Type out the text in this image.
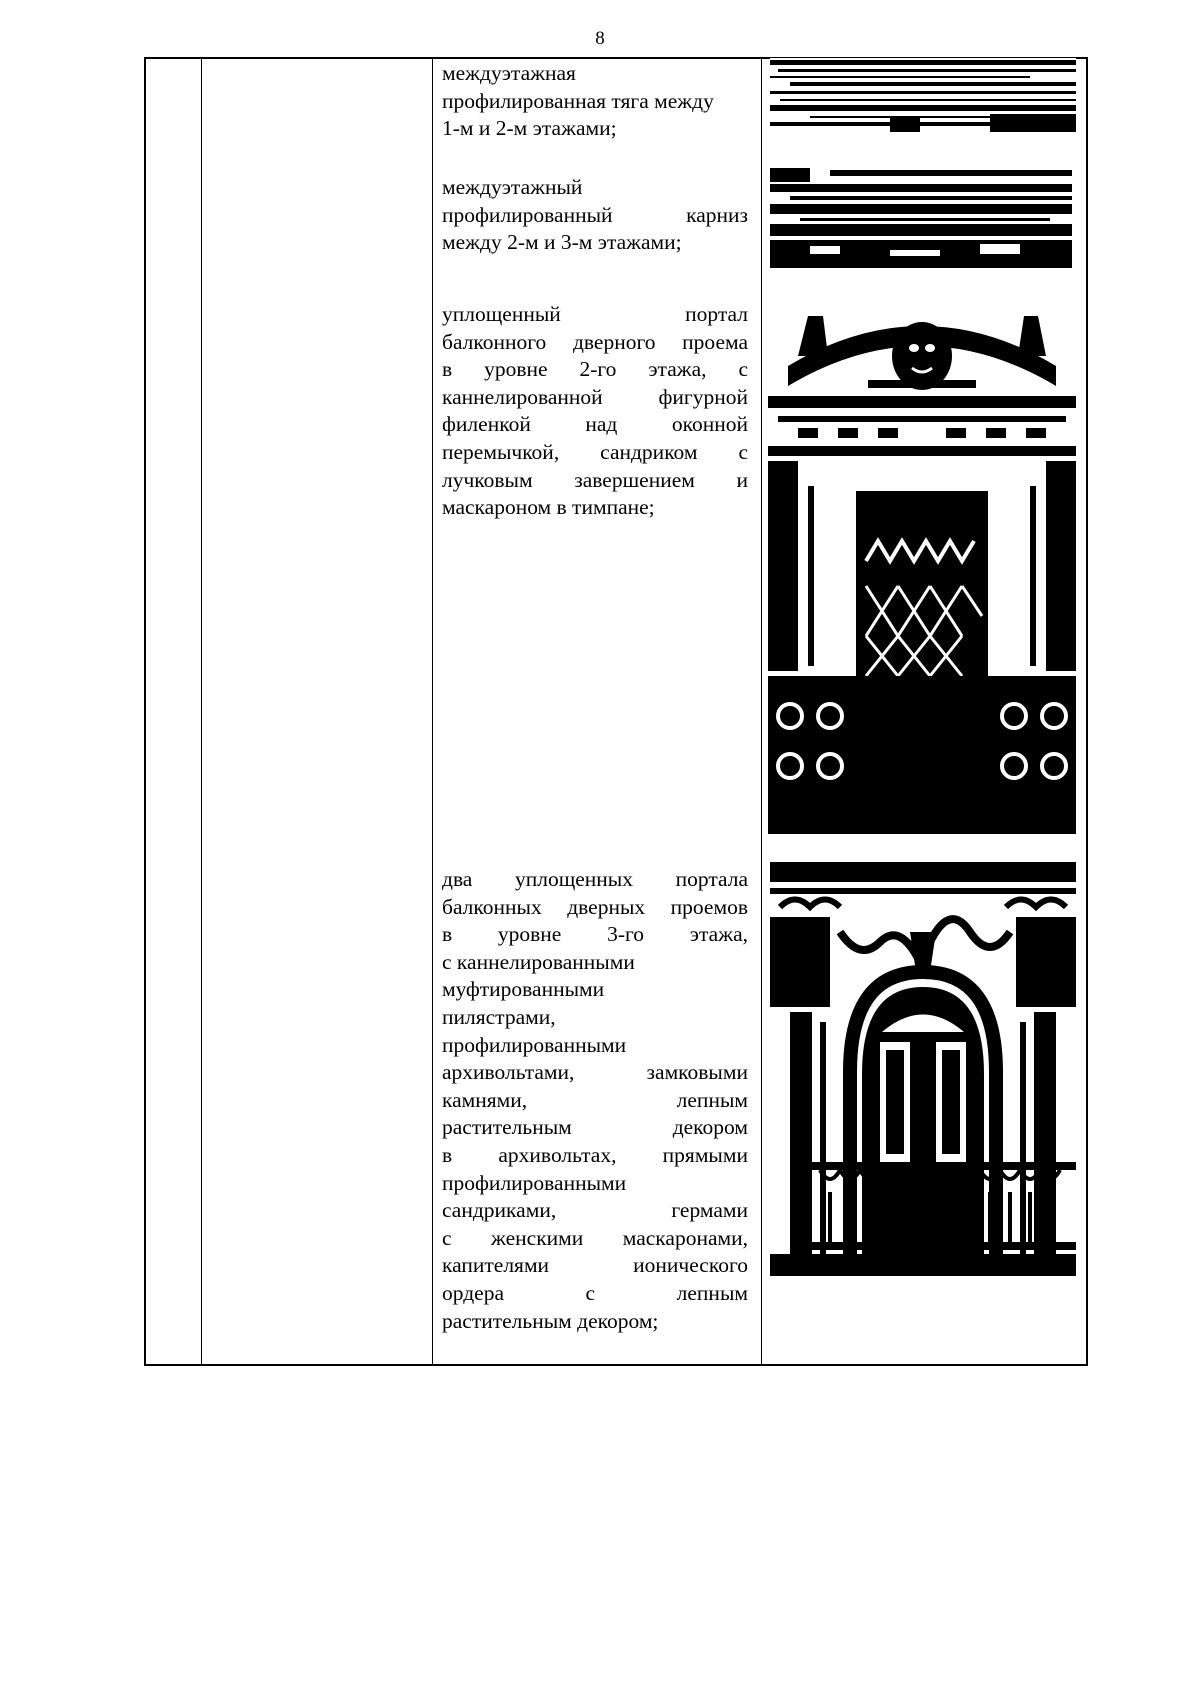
8
междуэтажная
профилированная тяга между
1-м и 2-м этажами;
междуэтажный
профилированный карниз
между 2-м и 3-м этажами;
уплощенный портал
балконного дверного проема
в уровне 2-го этажа, с
каннелированной фигурной
филенкой над оконной
перемычкой, сандриком с
лучковым завершением и
маскароном в тимпане;
два уплощенных портала
балконных дверных проемов
в уровне 3-го этажа,
с каннелированными
муфтированными
пилястрами,
профилированными
архивольтами, замковыми
камнями, лепным
растительным декором
в архивольтах, прямыми
профилированными
сандриками, гермами
с женскими маскаронами,
капителями ионического
ордера с лепным
растительным декором;
